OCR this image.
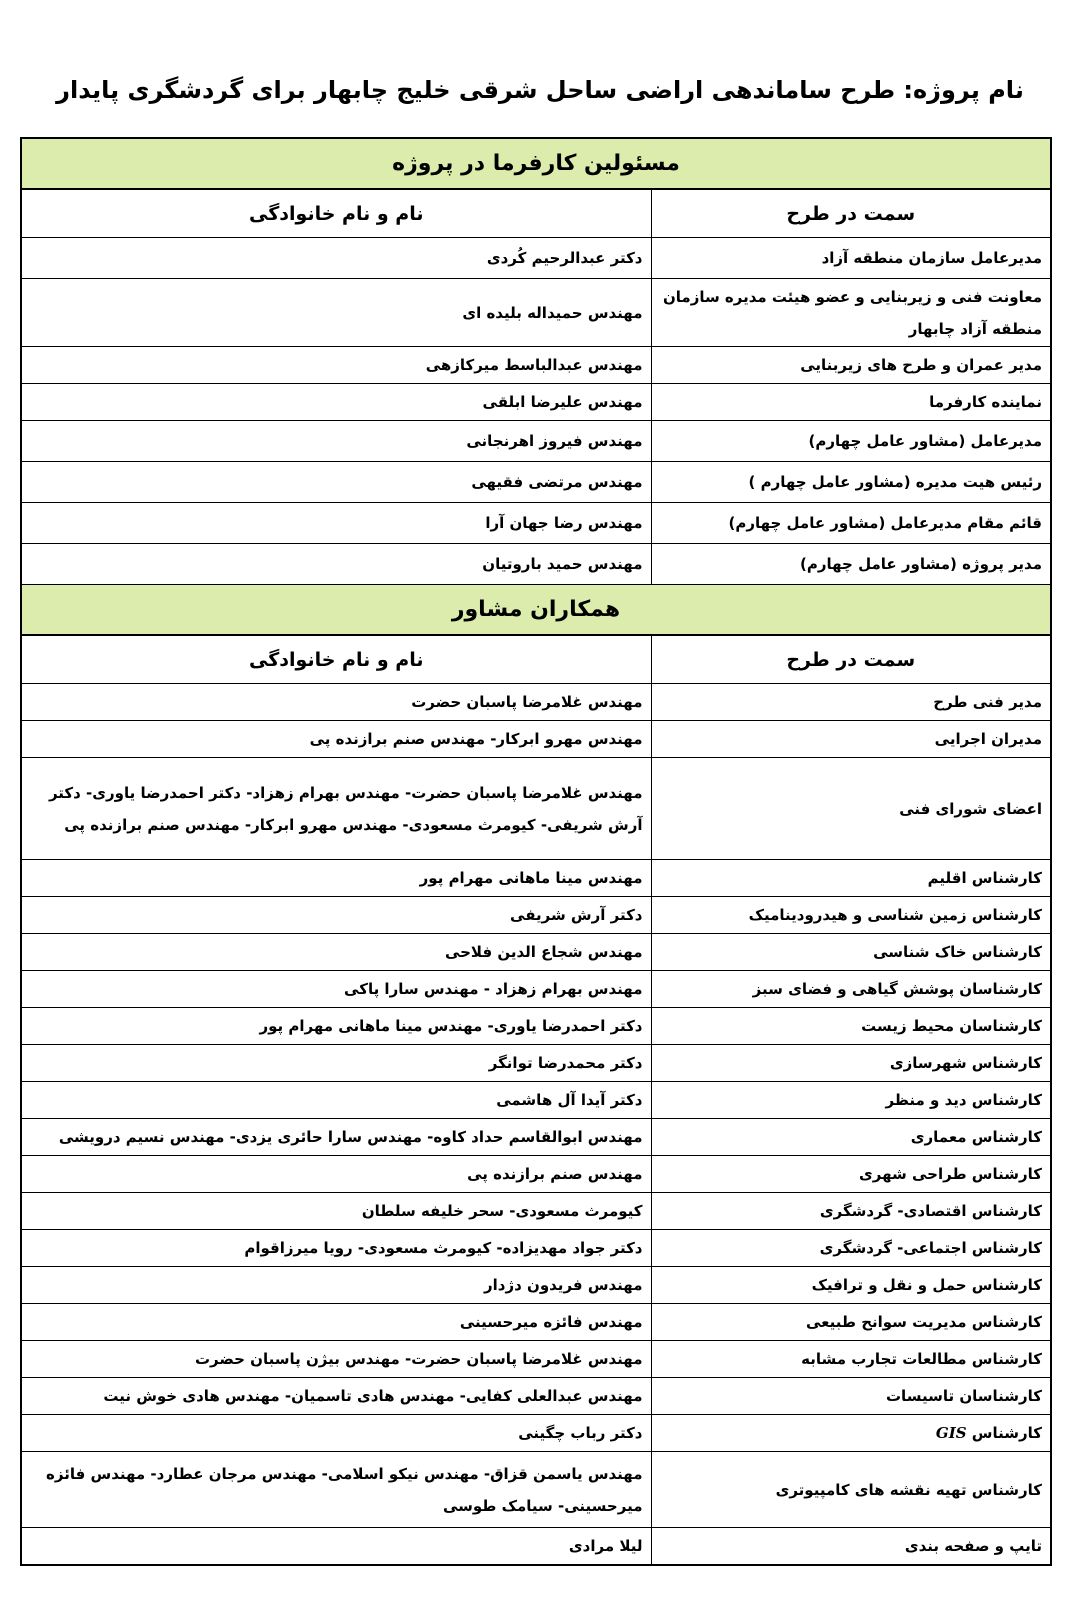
نام پروژه: طرح ساماندهی اراضی ساحل شرقی خلیج چابهار برای گردشگری پایدار
مسئولین کارفرما در پروژه	
سمت در طرح	نام و نام خانوادگی
مدیرعامل سازمان منطقه آزاد	دکتر عبدالرحیم کُردی
معاونت فنی و زیربنایی و عضو هیئت مدیره سازمان منطقه آزاد چابهار	مهندس حمیداله بلیده ای
مدیر عمران و طرح های زیربنایی	مهندس عبدالباسط میرکازهی
نماینده کارفرما	مهندس علیرضا ابلقی
مدیرعامل (مشاور عامل چهارم)	مهندس فیروز اهرنجانی
رئیس هیت مدیره (مشاور عامل چهارم )	مهندس مرتضی فقیهی
قائم مقام مدیرعامل (مشاور عامل چهارم)	مهندس رضا جهان آرا
مدیر پروژه (مشاور عامل چهارم)	مهندس حمید باروتیان
همکاران مشاور	
سمت در طرح	نام و نام خانوادگی
مدیر فنی طرح	مهندس غلامرضا پاسبان حضرت
مدیران اجرایی	مهندس مهرو ابرکار- مهندس صنم برازنده پی
اعضای شورای فنی	مهندس غلامرضا پاسبان حضرت- مهندس بهرام زهزاد- دکتر احمدرضا یاوری- دکتر آرش شریفی- کیومرث مسعودی- مهندس مهرو ابرکار- مهندس صنم برازنده پی
کارشناس اقلیم	مهندس مینا ماهانی مهرام پور
کارشناس زمین شناسی و هیدرودینامیک	دکتر آرش شریفی
کارشناس خاک شناسی	مهندس شجاع الدین فلاحی
کارشناسان پوشش گیاهی و فضای سبز	مهندس بهرام زهزاد - مهندس سارا پاکی
کارشناسان محیط زیست	دکتر احمدرضا یاوری- مهندس مینا ماهانی مهرام پور
کارشناس شهرسازی	دکتر محمدرضا توانگر
کارشناس دید و منظر	دکتر آیدا آل هاشمی
کارشناس معماری	مهندس ابوالقاسم حداد کاوه- مهندس سارا حائری یزدی- مهندس نسیم درویشی
کارشناس طراحی شهری	مهندس صنم برازنده پی
کارشناس اقتصادی- گردشگری	کیومرث مسعودی- سحر خلیفه سلطان
کارشناس اجتماعی- گردشگری	دکتر جواد مهدیزاده- کیومرث مسعودی- رویا میرزاقوام
کارشناس حمل و نقل و ترافیک	مهندس فریدون دژدار
کارشناس مدیریت سوانح طبیعی	مهندس فائزه میرحسینی
کارشناس مطالعات تجارب مشابه	مهندس غلامرضا پاسبان حضرت- مهندس بیژن پاسبان حضرت
کارشناسان تاسیسات	مهندس عبدالعلی کفایی- مهندس هادی تاسمیان- مهندس هادی خوش نیت
کارشناس GIS	دکتر رباب چگینی
کارشناس تهیه نقشه های کامپیوتری	مهندس یاسمن قزاق- مهندس نیکو اسلامی- مهندس مرجان عطارد- مهندس فائزه میرحسینی- سیامک طوسی
تایپ و صفحه بندی	لیلا مرادی
